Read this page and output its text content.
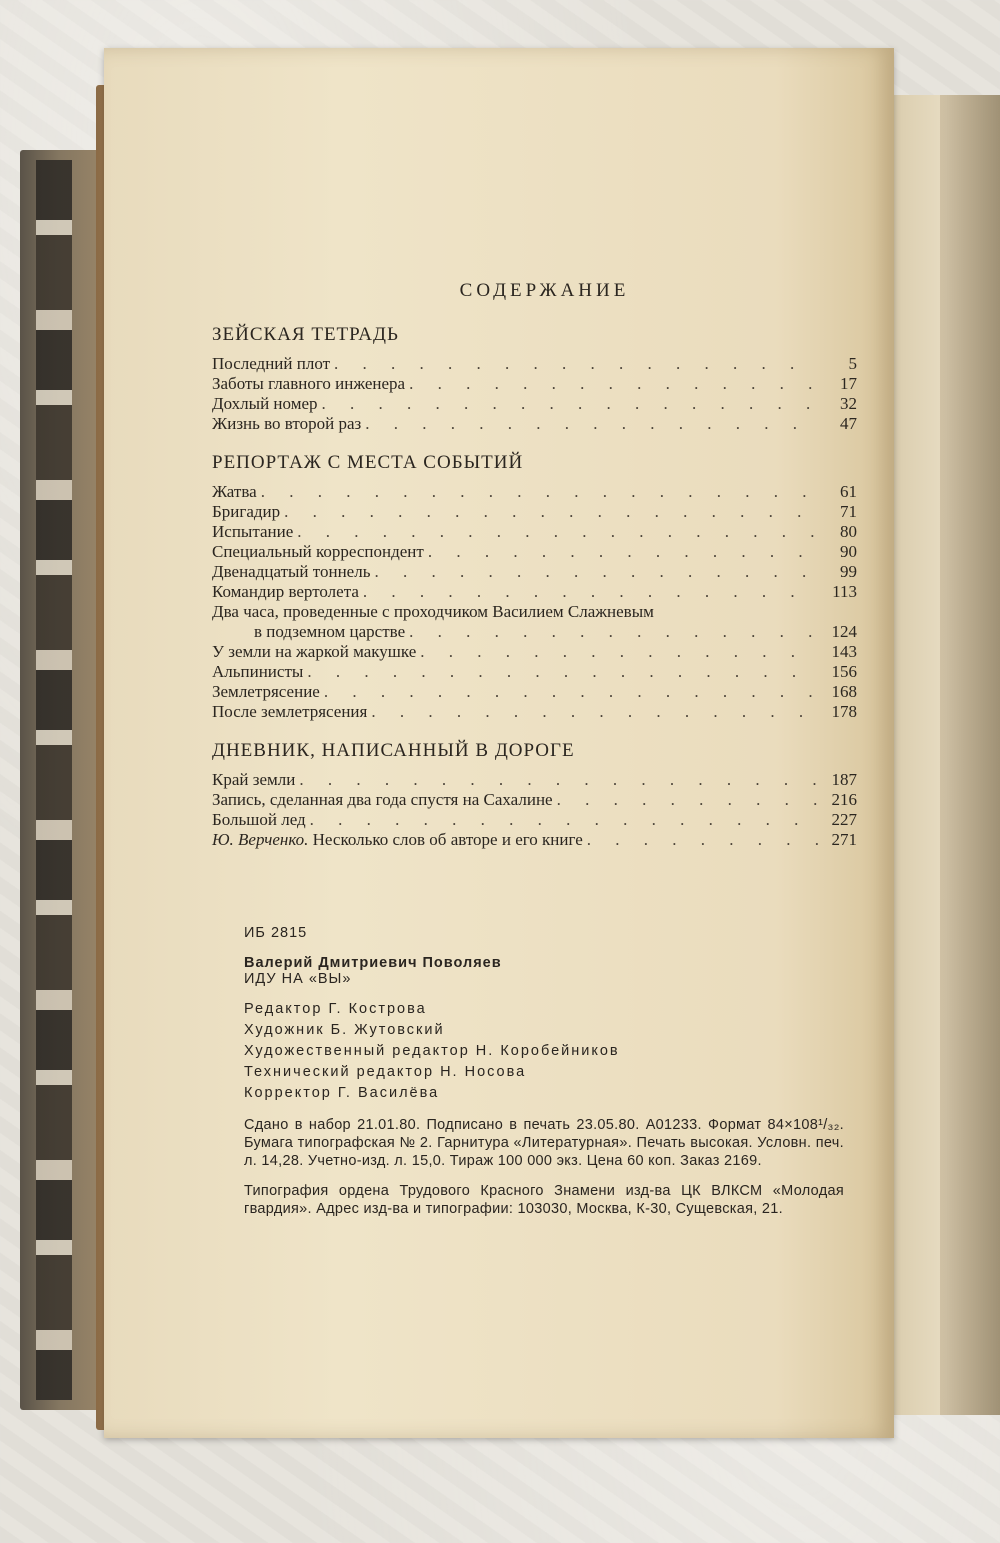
СОДЕРЖАНИЕ
ЗЕЙСКАЯ ТЕТРАДЬ
Последний плот . . .	5
Заботы главного инженера . . .	17
Дохлый номер . . .	32
Жизнь во второй раз . . .	47
РЕПОРТАЖ С МЕСТА СОБЫТИЙ
Жатва . . .	61
Бригадир . . .	71
Испытание . . .	80
Специальный корреспондент . . .	90
Двенадцатый тоннель . . .	99
Командир вертолета . . .	113
Два часа, проведенные с проходчиком Василием Слажневым
в подземном царстве . . .	124
У земли на жаркой макушке . . .	143
Альпинисты . . .	156
Землетрясение . . .	168
После землетрясения . . .	178
ДНЕВНИК, НАПИСАННЫЙ В ДОРОГЕ
Край земли . . .	187
Запись, сделанная два года спустя на Сахалине . . .	216
Большой лед . . .	227
Ю. Верченко. Несколько слов об авторе и его книге . . .	271
ИБ 2815
Валерий Дмитриевич Поволяев
ИДУ НА «ВЫ»
Редактор Г. Кострова
Художник Б. Жутовский
Художественный редактор Н. Коробейников
Технический редактор Н. Носова
Корректор Г. Василёва
Сдано в набор 21.01.80. Подписано в печать 23.05.80. А01233. Формат 84×108¹/₃₂. Бумага типографская № 2. Гарнитура «Литературная». Печать высокая. Условн. печ. л. 14,28. Учетно-изд. л. 15,0. Тираж 100 000 экз. Цена 60 коп. Заказ 2169.
Типография ордена Трудового Красного Знамени изд-ва ЦК ВЛКСМ «Молодая гвардия». Адрес изд-ва и типографии: 103030, Москва, К-30, Сущевская, 21.
